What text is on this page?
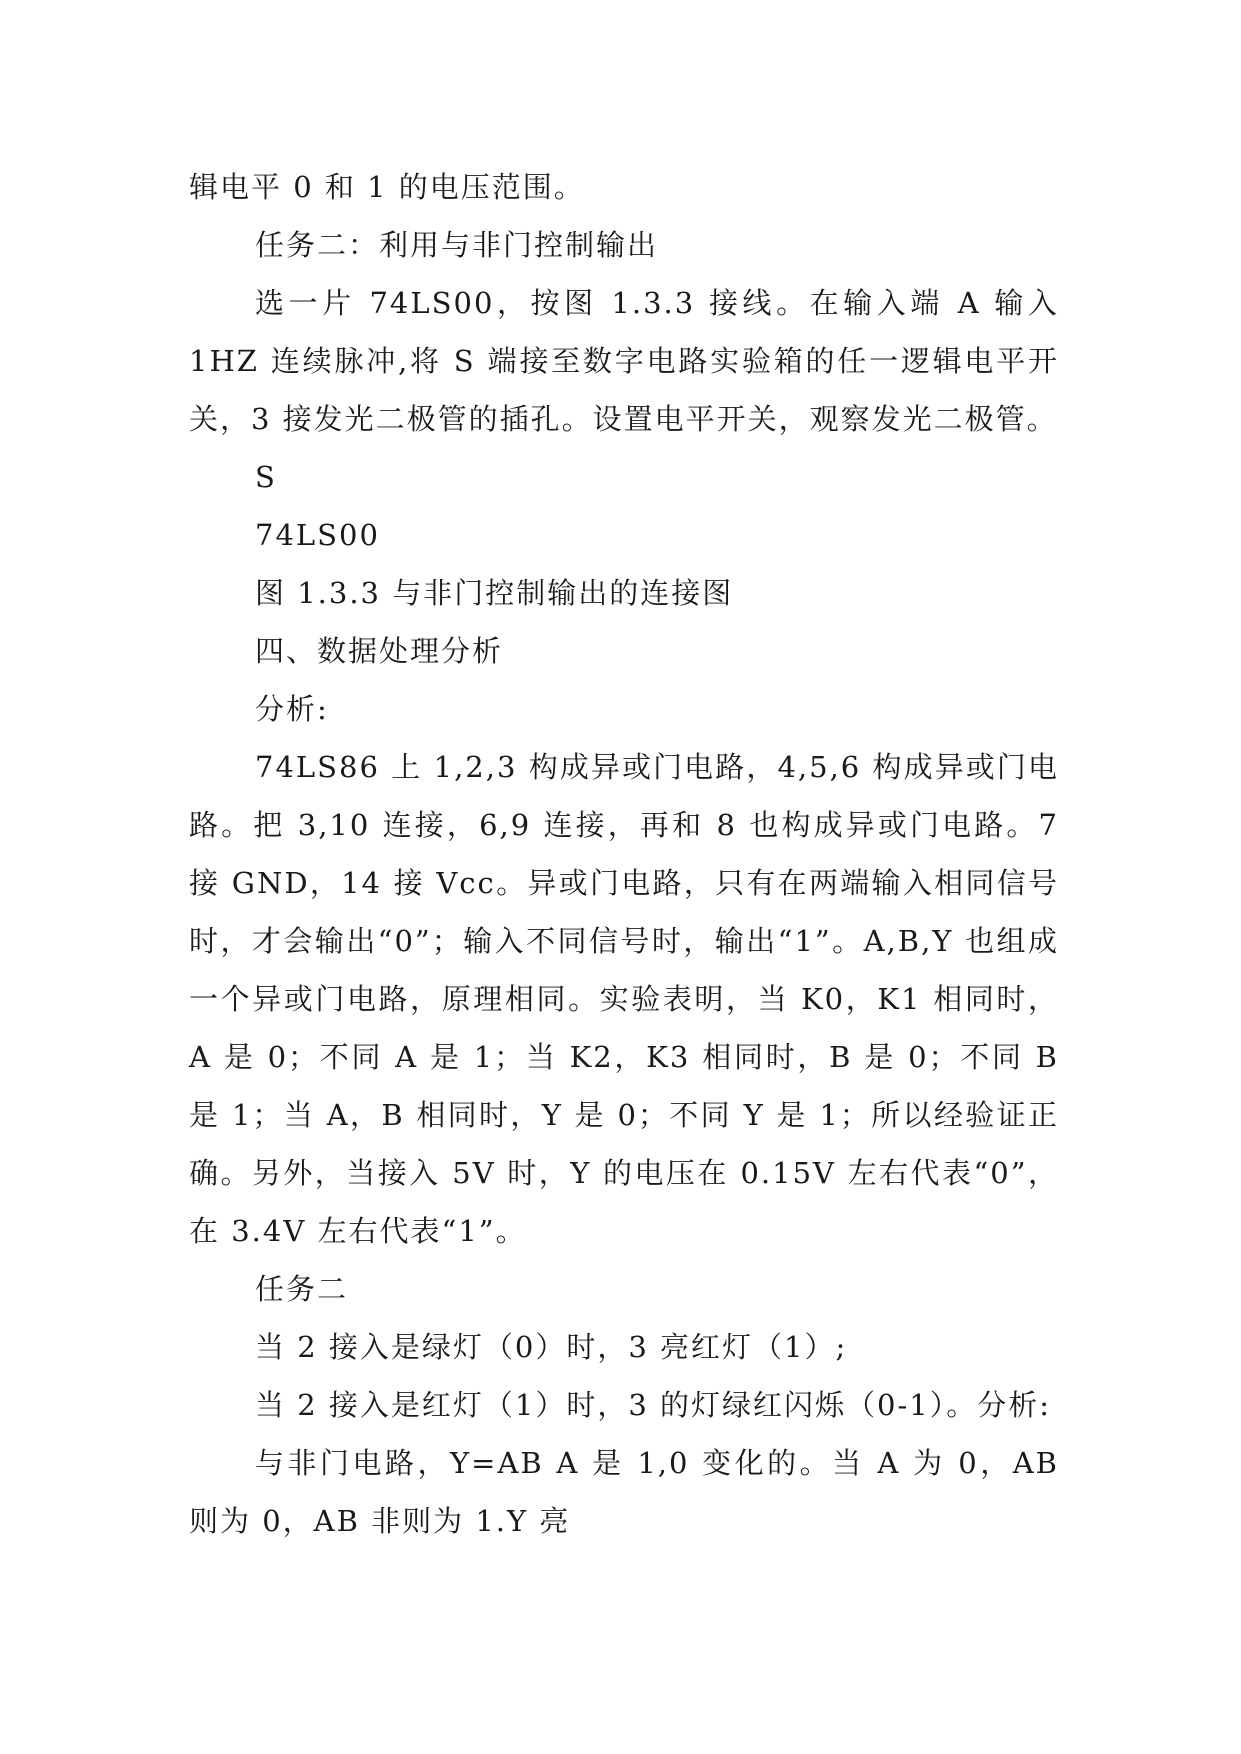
辑电平 0 和 1 的电压范围。

任务二：利用与非门控制输出

选一片 74LS00，按图 1.3.3 接线。在输入端 A 输入 1HZ 连续脉冲,将 S 端接至数字电路实验箱的任一逻辑电平开关，3 接发光二极管的插孔。设置电平开关，观察发光二极管。

S

74LS00

图 1.3.3 与非门控制输出的连接图

四、数据处理分析

分析:

74LS86 上 1,2,3 构成异或门电路，4,5,6 构成异或门电路。把 3,10 连接，6,9 连接，再和 8 也构成异或门电路。7 接 GND，14 接 Vcc。异或门电路，只有在两端输入相同信号时，才会输出“0”；输入不同信号时，输出“1”。A,B,Y 也组成一个异或门电路，原理相同。实验表明，当 K0，K1 相同时，A 是 0；不同 A 是 1；当 K2，K3 相同时，B 是 0；不同 B 是 1；当 A，B 相同时，Y 是 0；不同 Y 是 1；所以经验证正确。另外，当接入 5V 时，Y 的电压在 0.15V 左右代表“0”，在 3.4V 左右代表“1”。

任务二

当 2 接入是绿灯（0）时，3 亮红灯（1）;

当 2 接入是红灯（1）时，3 的灯绿红闪烁（0-1）。分析:

与非门电路，Y=AB A 是 1,0 变化的。当 A 为 0，AB 则为 0，AB 非则为 1.Y 亮
